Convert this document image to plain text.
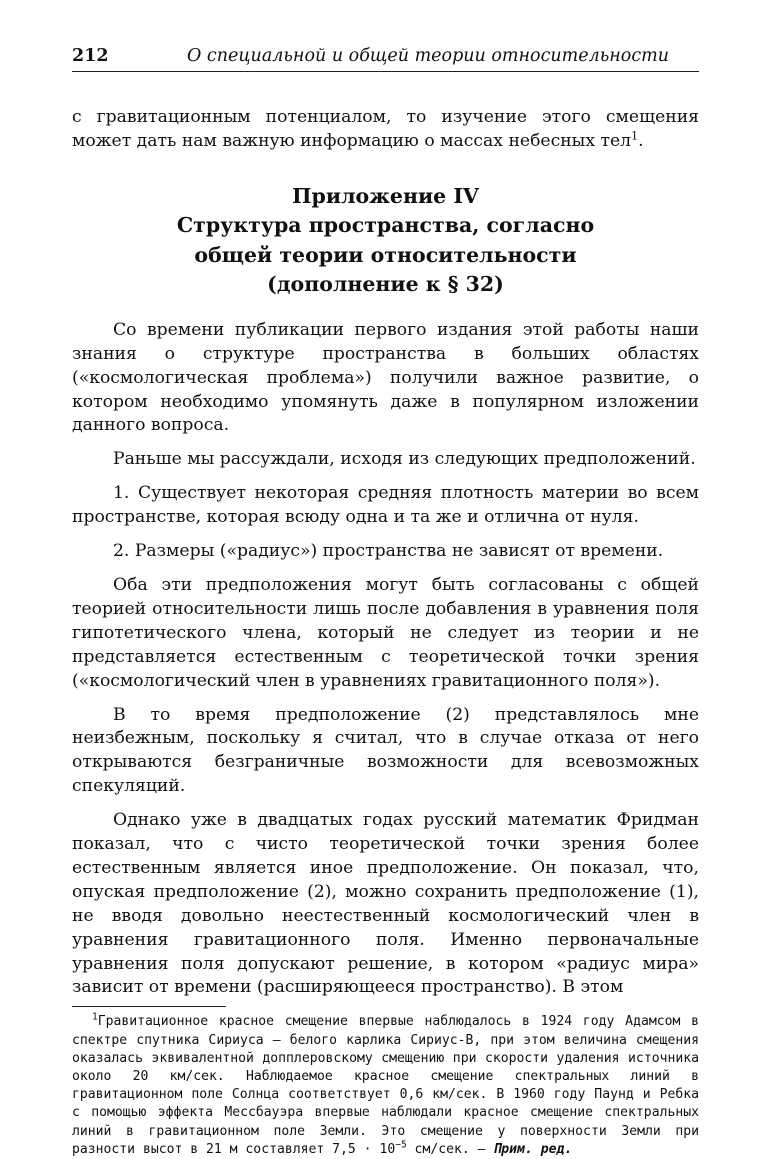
212	О специальной и общей теории относительности

с гравитационным потенциалом, то изучение этого смещения может дать нам важную информацию о массах небесных тел$^1$.

Приложение IV
Структура пространства, согласно
общей теории относительности
(дополнение к § 32)

Со времени публикации первого издания этой работы наши знания о структуре пространства в больших областях («космологическая проблема») получили важное развитие, о котором необходимо упомянуть даже в популярном изложении данного вопроса.

Раньше мы рассуждали, исходя из следующих предположений.

1. Существует некоторая средняя плотность материи во всем пространстве, которая всюду одна и та же и отлична от нуля.

2. Размеры («радиус») пространства не зависят от времени.

Оба эти предположения могут быть согласованы с общей теорией относительности лишь после добавления в уравнения поля гипотетического члена, который не следует из теории и не представляется естественным с теоретической точки зрения («космологический член в уравнениях гравитационного поля»).

В то время предположение (2) представлялось мне неизбежным, поскольку я считал, что в случае отказа от него открываются безграничные возможности для всевозможных спекуляций.

Однако уже в двадцатых годах русский математик Фридман показал, что с чисто теоретической точки зрения более естественным является иное предположение. Он показал, что, опуская предположение (2), можно сохранить предположение (1), не вводя довольно неестественный космологический член в уравнения гравитационного поля. Именно первоначальные уравнения поля допускают решение, в котором «радиус мира» зависит от времени (расширяющееся пространство). В этом

$^1$Гравитационное красное смещение впервые наблюдалось в 1924 году Адамсом в спектре спутника Сириуса — белого карлика Сириус-В, при этом величина смещения оказалась эквивалентной допплеровскому смещению при скорости удаления источника около 20 км/сек. Наблюдаемое красное смещение спектральных линий в гравитационном поле Солнца соответствует 0,6 км/сек. В 1960 году Паунд и Ребка с помощью эффекта Мессбауэра впервые наблюдали красное смещение спектральных линий в гравитационном поле Земли. Это смещение у поверхности Земли при разности высот в 21 м составляет $7,5 \cdot 10^{-5}$ см/сек. — Прим. ред.
